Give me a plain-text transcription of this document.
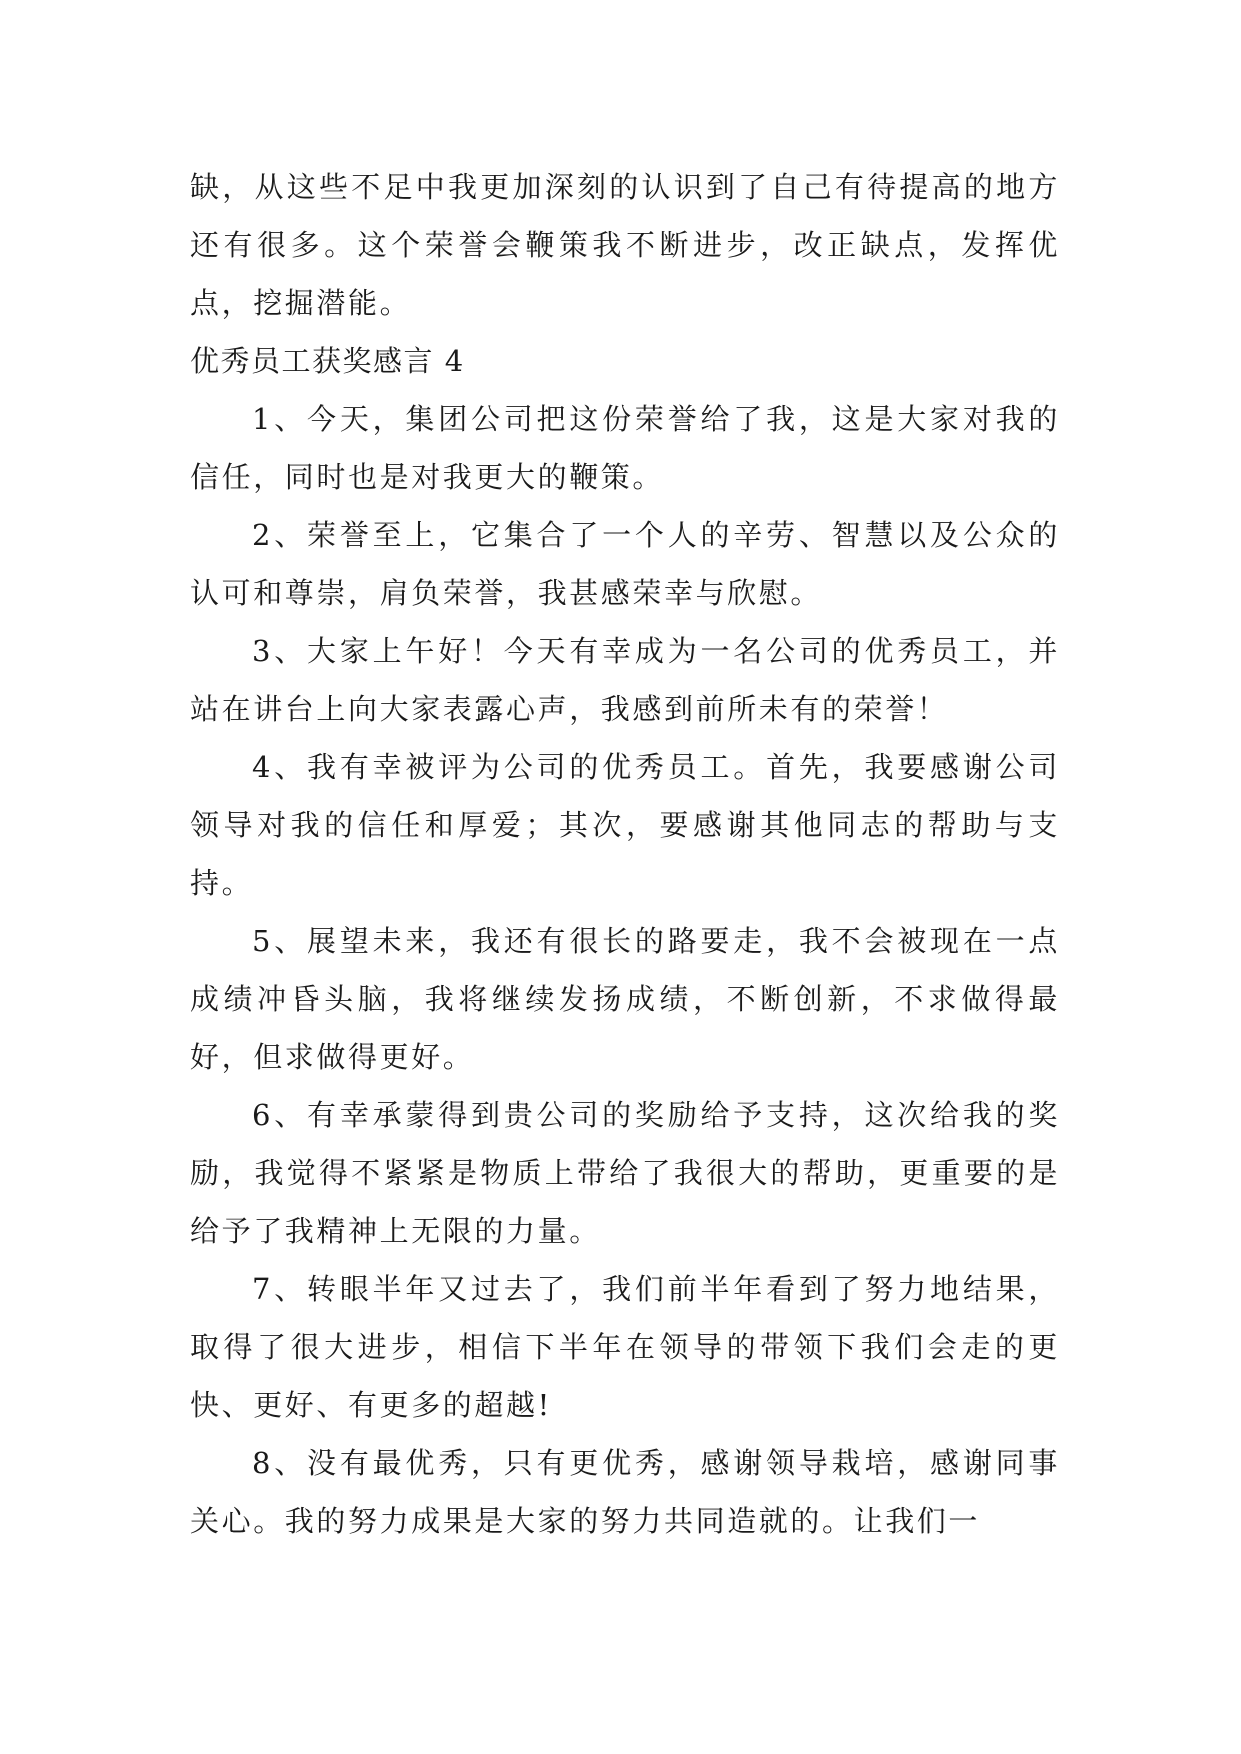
缺，从这些不足中我更加深刻的认识到了自己有待提高的地方还有很多。这个荣誉会鞭策我不断进步，改正缺点，发挥优点，挖掘潜能。

优秀员工获奖感言 4

1、今天，集团公司把这份荣誉给了我，这是大家对我的信任，同时也是对我更大的鞭策。

2、荣誉至上，它集合了一个人的辛劳、智慧以及公众的认可和尊崇，肩负荣誉，我甚感荣幸与欣慰。

3、大家上午好！今天有幸成为一名公司的优秀员工，并站在讲台上向大家表露心声，我感到前所未有的荣誉！

4、我有幸被评为公司的优秀员工。首先，我要感谢公司领导对我的信任和厚爱；其次，要感谢其他同志的帮助与支持。

5、展望未来，我还有很长的路要走，我不会被现在一点成绩冲昏头脑，我将继续发扬成绩，不断创新，不求做得最好，但求做得更好。

6、有幸承蒙得到贵公司的奖励给予支持，这次给我的奖励，我觉得不紧紧是物质上带给了我很大的帮助，更重要的是给予了我精神上无限的力量。

7、转眼半年又过去了，我们前半年看到了努力地结果，取得了很大进步，相信下半年在领导的带领下我们会走的更快、更好、有更多的超越!

8、没有最优秀，只有更优秀，感谢领导栽培，感谢同事关心。我的努力成果是大家的努力共同造就的。让我们一
